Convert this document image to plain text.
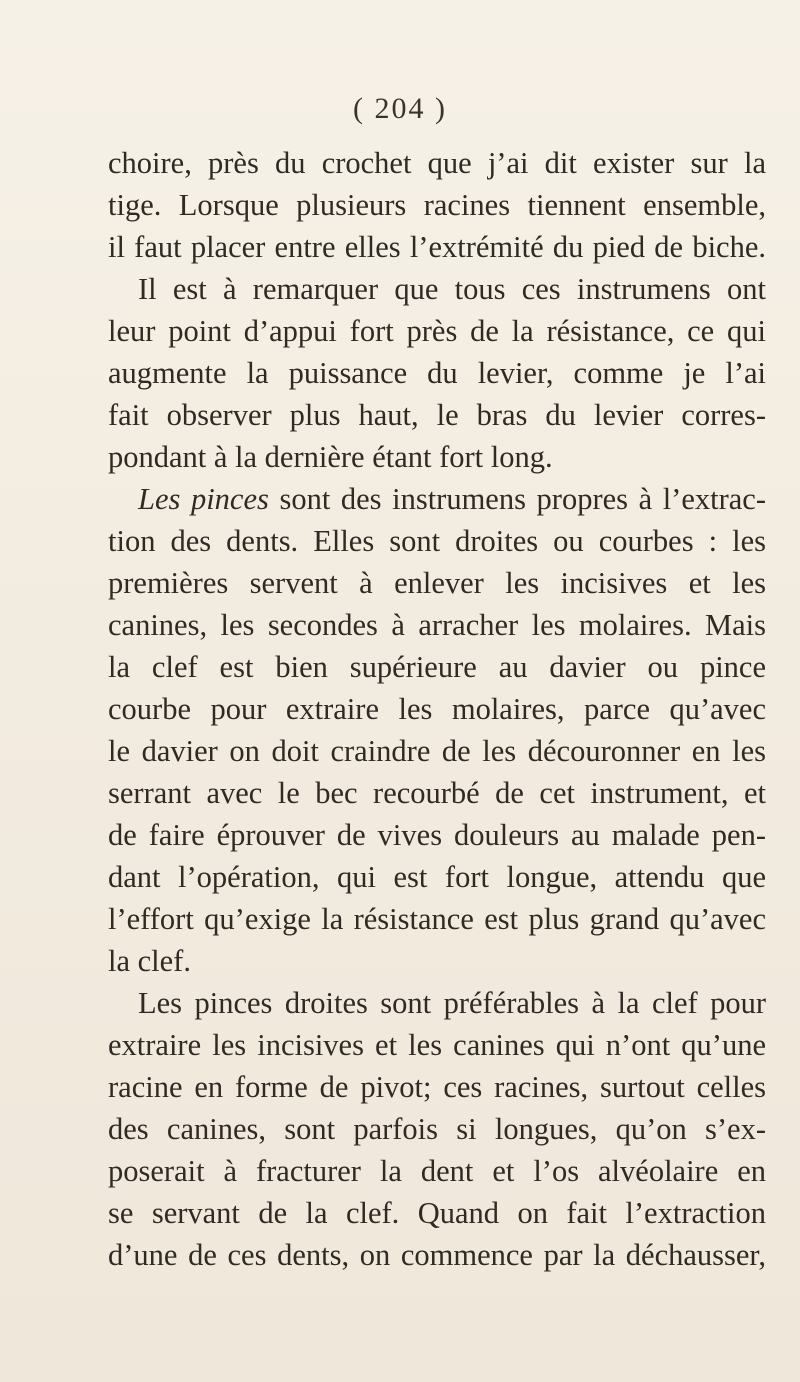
( 204 )
choire, près du crochet que j’ai dit exister sur la
tige. Lorsque plusieurs racines tiennent ensemble,
il faut placer entre elles l’extrémité du pied de biche.
Il est à remarquer que tous ces instrumens ont
leur point d’appui fort près de la résistance, ce qui
augmente la puissance du levier, comme je l’ai
fait observer plus haut, le bras du levier corres-
pondant à la dernière étant fort long.
Les pinces sont des instrumens propres à l’extrac-
tion des dents. Elles sont droites ou courbes : les
premières servent à enlever les incisives et les
canines, les secondes à arracher les molaires. Mais
la clef est bien supérieure au davier ou pince
courbe pour extraire les molaires, parce qu’avec
le davier on doit craindre de les découronner en les
serrant avec le bec recourbé de cet instrument, et
de faire éprouver de vives douleurs au malade pen-
dant l’opération, qui est fort longue, attendu que
l’effort qu’exige la résistance est plus grand qu’avec
la clef.
Les pinces droites sont préférables à la clef pour
extraire les incisives et les canines qui n’ont qu’une
racine en forme de pivot; ces racines, surtout celles
des canines, sont parfois si longues, qu’on s’ex-
poserait à fracturer la dent et l’os alvéolaire en
se servant de la clef. Quand on fait l’extraction
d’une de ces dents, on commence par la déchausser,
